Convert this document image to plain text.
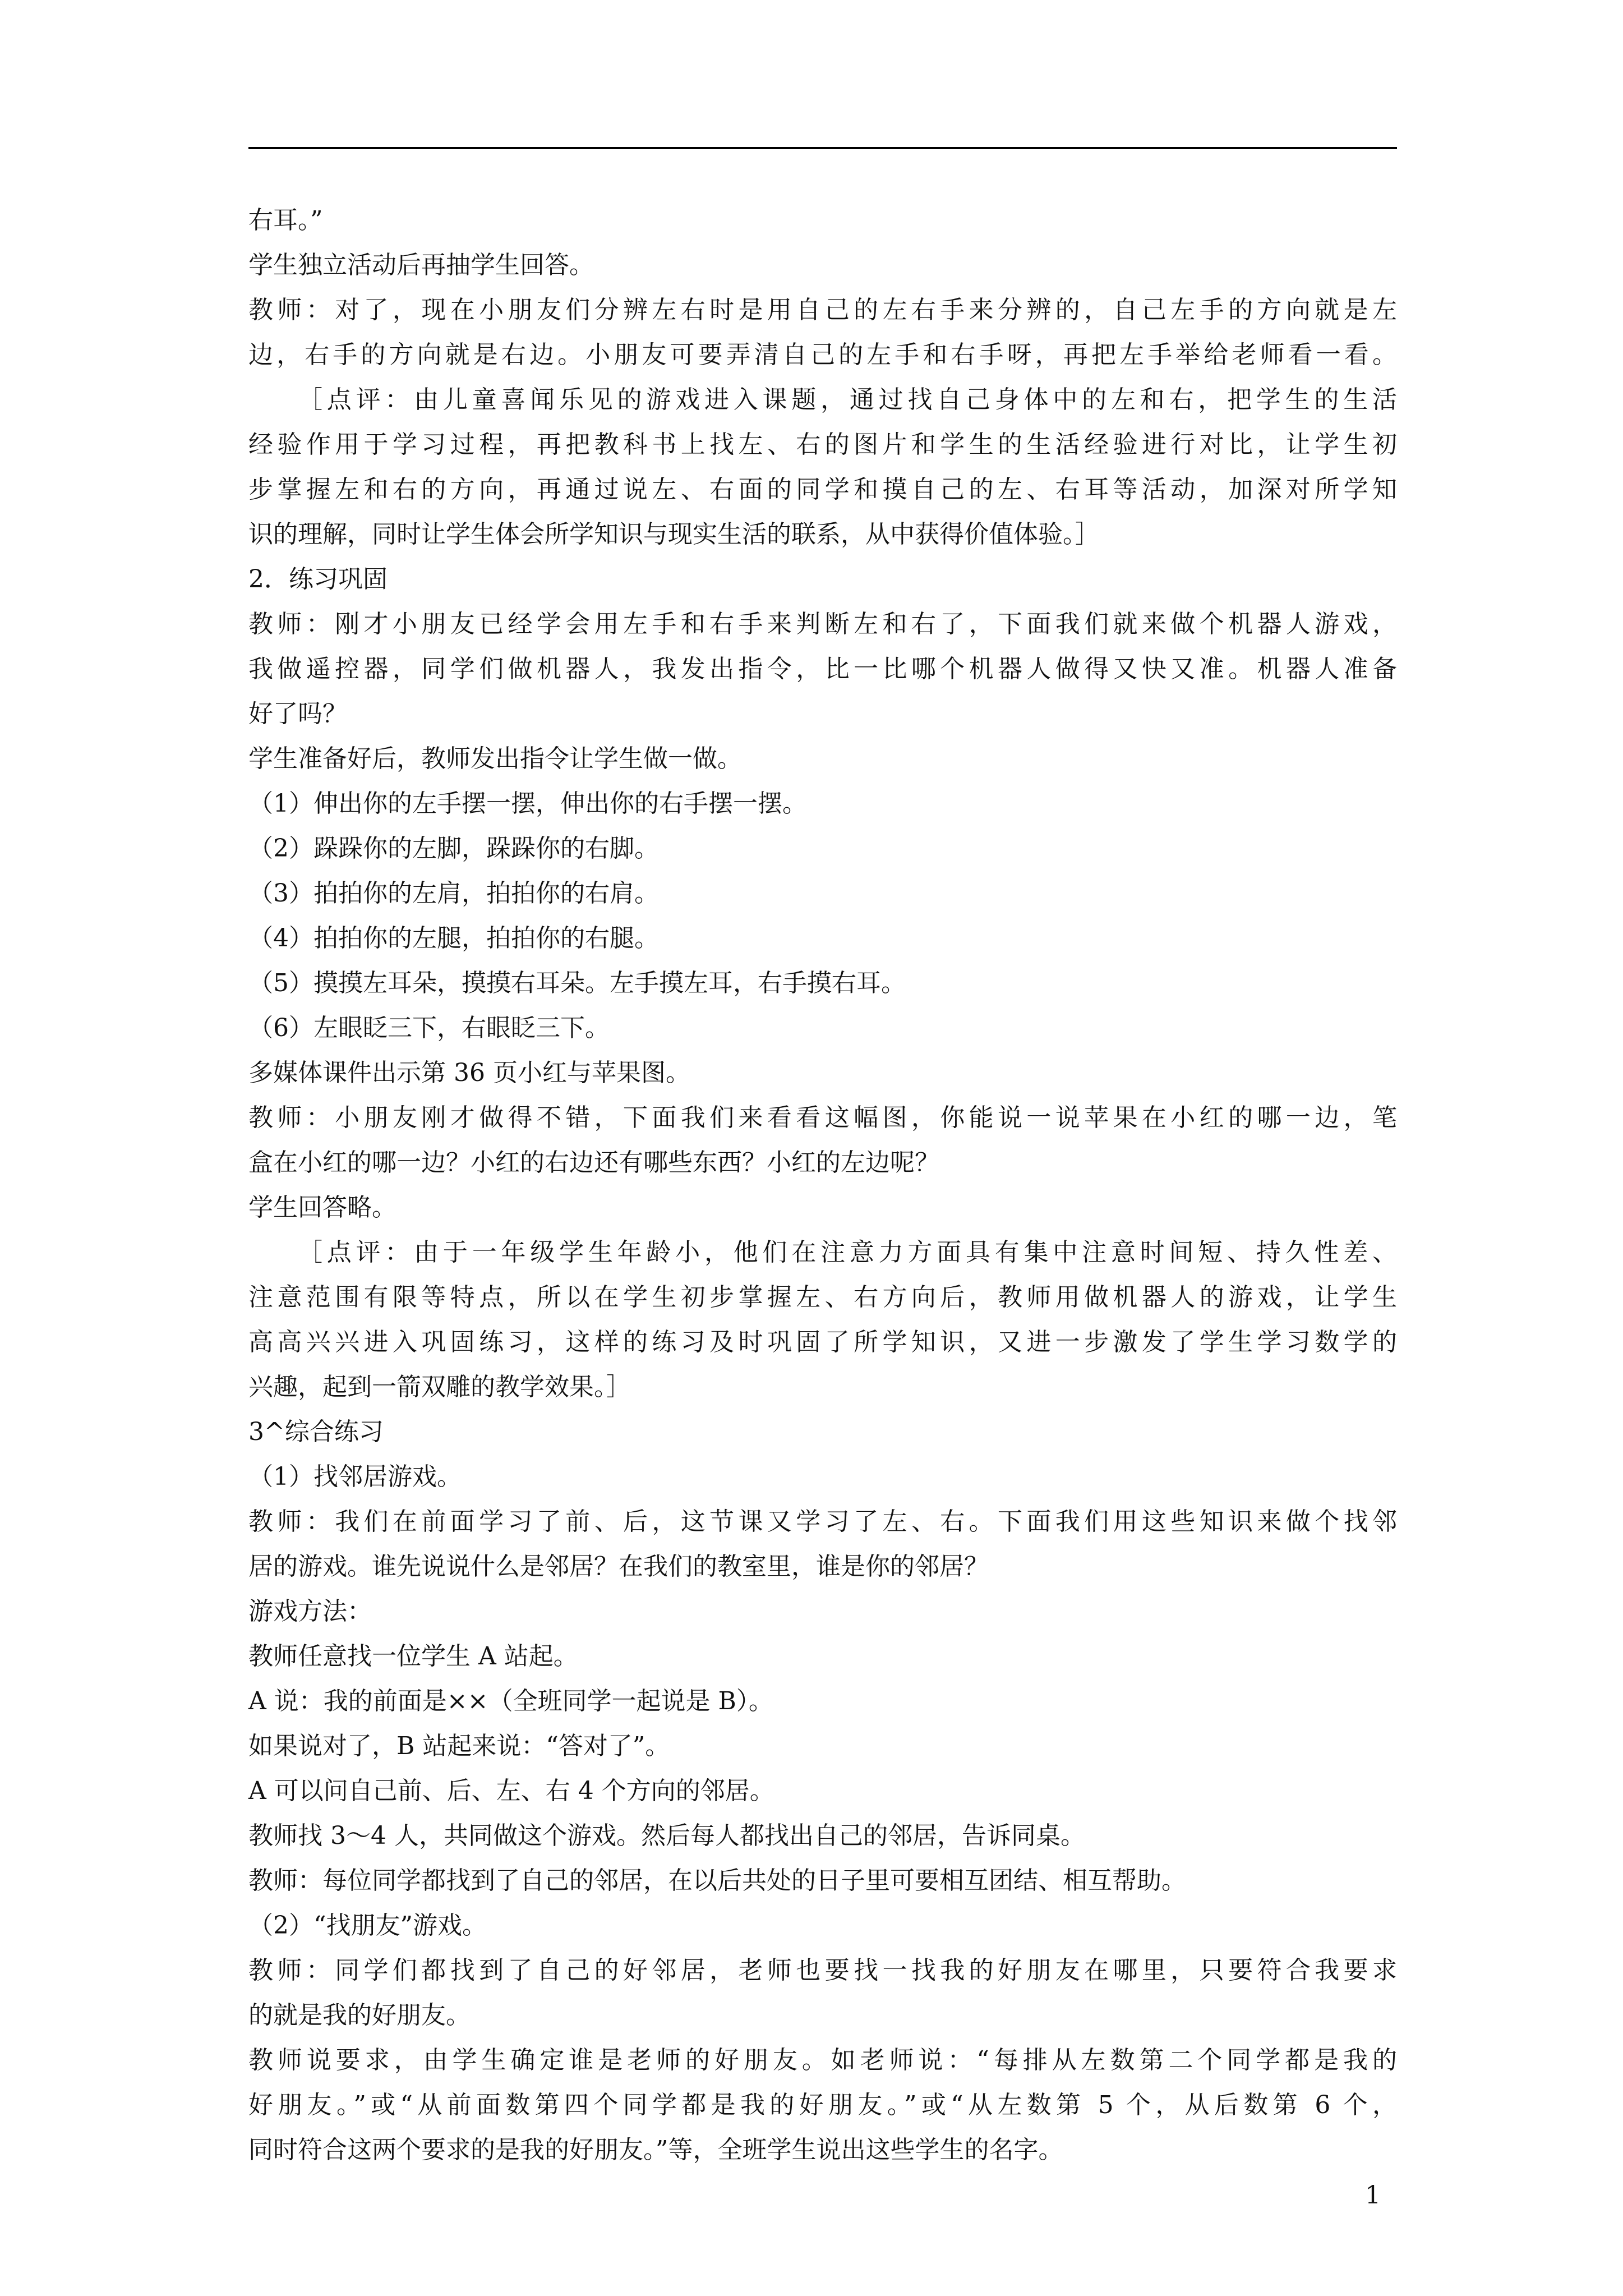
右耳。”
学生独立活动后再抽学生回答。
教师：对了，现在小朋友们分辨左右时是用自己的左右手来分辨的，自己左手的方向就是左
边，右手的方向就是右边。小朋友可要弄清自己的左手和右手呀，再把左手举给老师看一看。
［点评：由儿童喜闻乐见的游戏进入课题，通过找自己身体中的左和右，把学生的生活
经验作用于学习过程，再把教科书上找左、右的图片和学生的生活经验进行对比，让学生初
步掌握左和右的方向，再通过说左、右面的同学和摸自己的左、右耳等活动，加深对所学知
识的理解，同时让学生体会所学知识与现实生活的联系，从中获得价值体验。］
2．练习巩固
教师：刚才小朋友已经学会用左手和右手来判断左和右了，下面我们就来做个机器人游戏，
我做遥控器，同学们做机器人，我发出指令，比一比哪个机器人做得又快又准。机器人准备
好了吗？
学生准备好后，教师发出指令让学生做一做。
（1）伸出你的左手摆一摆，伸出你的右手摆一摆。
（2）跺跺你的左脚，跺跺你的右脚。
（3）拍拍你的左肩，拍拍你的右肩。
（4）拍拍你的左腿，拍拍你的右腿。
（5）摸摸左耳朵，摸摸右耳朵。左手摸左耳，右手摸右耳。
（6）左眼眨三下，右眼眨三下。
多媒体课件出示第 36 页小红与苹果图。
教师：小朋友刚才做得不错，下面我们来看看这幅图，你能说一说苹果在小红的哪一边，笔
盒在小红的哪一边？小红的右边还有哪些东西？小红的左边呢？
学生回答略。
［点评：由于一年级学生年龄小，他们在注意力方面具有集中注意时间短、持久性差、
注意范围有限等特点，所以在学生初步掌握左、右方向后，教师用做机器人的游戏，让学生
高高兴兴进入巩固练习，这样的练习及时巩固了所学知识，又进一步激发了学生学习数学的
兴趣，起到一箭双雕的教学效果。］
3^综合练习
（1）找邻居游戏。
教师：我们在前面学习了前、后，这节课又学习了左、右。下面我们用这些知识来做个找邻
居的游戏。谁先说说什么是邻居？在我们的教室里，谁是你的邻居？
游戏方法：
教师任意找一位学生 A 站起。
A 说：我的前面是××（全班同学一起说是 B）。
如果说对了，B 站起来说：“答对了”。
A 可以问自己前、后、左、右 4 个方向的邻居。
教师找 3～4 人，共同做这个游戏。然后每人都找出自己的邻居，告诉同桌。
教师：每位同学都找到了自己的邻居，在以后共处的日子里可要相互团结、相互帮助。
（2）“找朋友”游戏。
教师：同学们都找到了自己的好邻居，老师也要找一找我的好朋友在哪里，只要符合我要求
的就是我的好朋友。
教师说要求，由学生确定谁是老师的好朋友。如老师说：“每排从左数第二个同学都是我的
好朋友。”或“从前面数第四个同学都是我的好朋友。”或“从左数第 5 个，从后数第 6 个，
同时符合这两个要求的是我的好朋友。”等，全班学生说出这些学生的名字。
1
